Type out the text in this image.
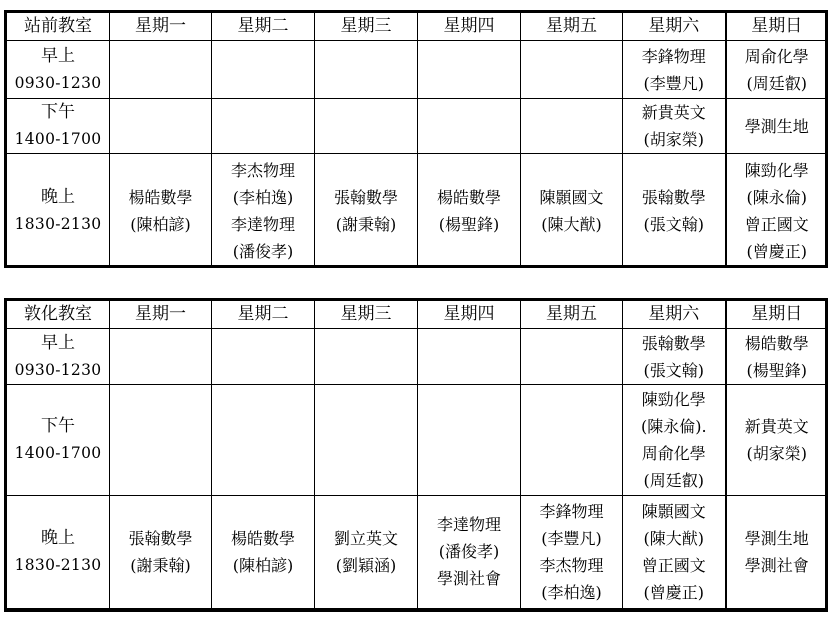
站前教室	星期一	星期二	星期三	星期四	星期五	星期六	星期日

早上
0930-1230						李鋒物理
(李豐凡)	周俞化學
(周廷叡)

下午
1400-1700						新貴英文
(胡家榮)	學測生地

晚上
1830-2130	楊皓數學
(陳柏諺)	李杰物理
(李柏逸)
李達物理
(潘俊孝)	張翰數學
(謝秉翰)	楊皓數學
(楊聖鋒)	陳顥國文
(陳大猷)	張翰數學
(張文翰)	陳勁化學
(陳永倫)
曾正國文
(曾慶正)
敦化教室	星期一	星期二	星期三	星期四	星期五	星期六	星期日

早上
0930-1230						張翰數學
(張文翰)	楊皓數學
(楊聖鋒)

下午
1400-1700						陳勁化學
(陳永倫).
周俞化學
(周廷叡)	新貴英文
(胡家榮)

晚上
1830-2130	張翰數學
(謝秉翰)	楊皓數學
(陳柏諺)	劉立英文
(劉穎涵)	李達物理
(潘俊孝)
學測社會	李鋒物理
(李豐凡)
李杰物理
(李柏逸)	陳顥國文
(陳大猷)
曾正國文
(曾慶正)	學測生地
學測社會
